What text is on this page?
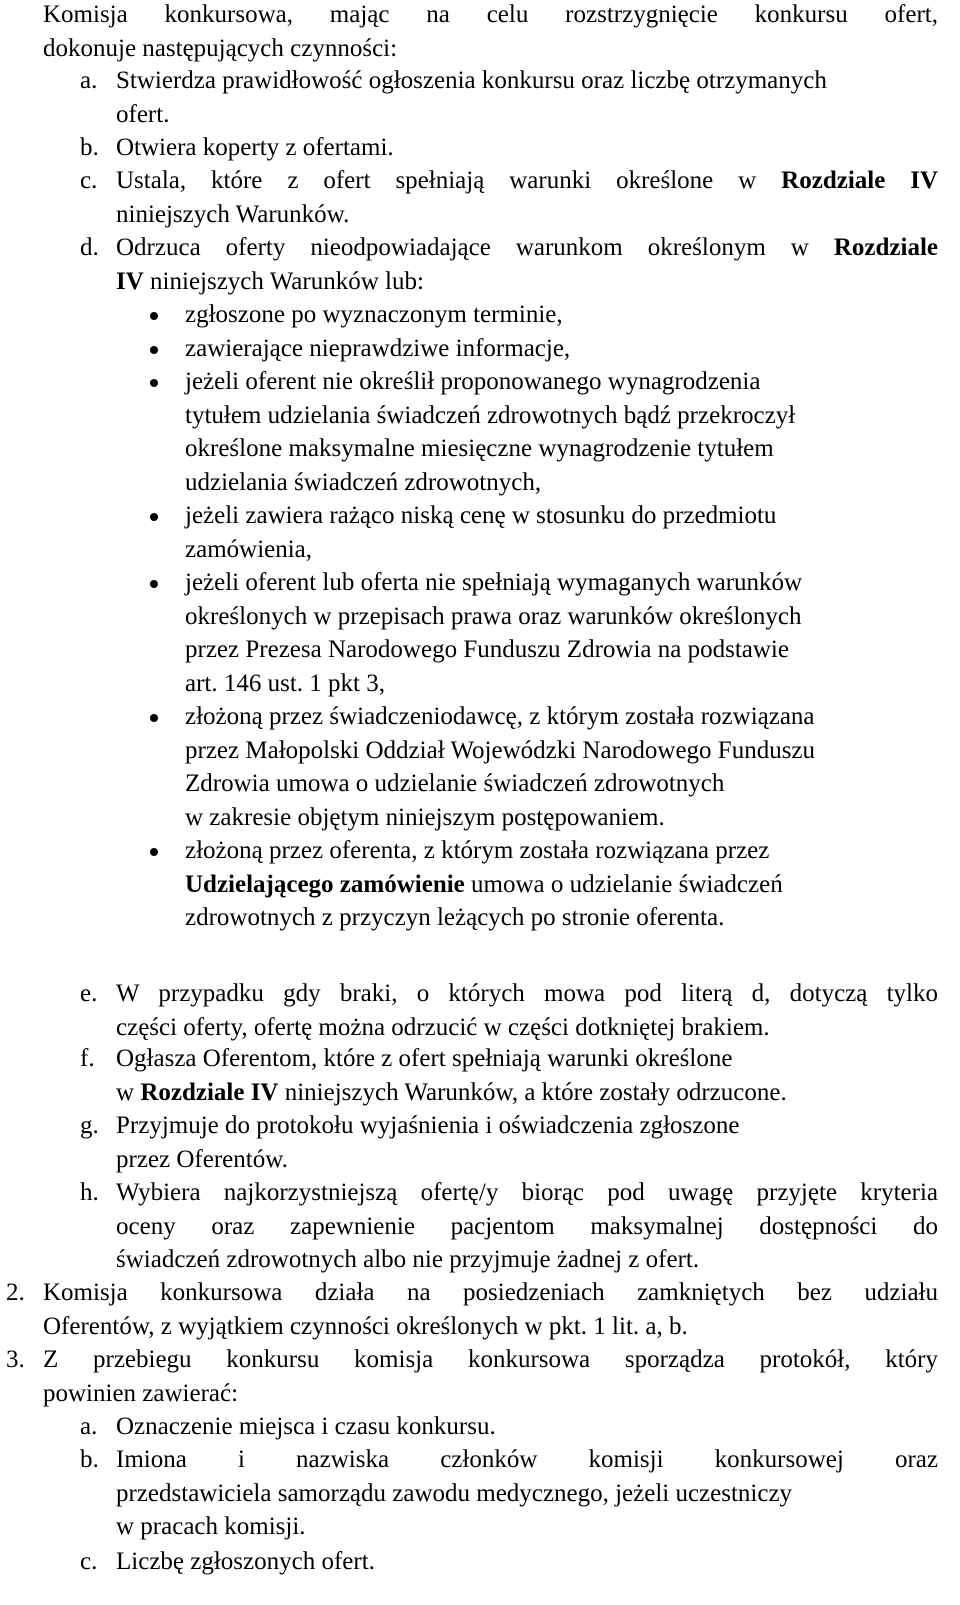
Komisja konkursowa, mając na celu rozstrzygnięcie konkursu ofert,
dokonuje następujących czynności:
a. Stwierdza prawidłowość ogłoszenia konkursu oraz liczbę otrzymanych
ofert.
b. Otwiera koperty z ofertami.
c. Ustala, które z ofert spełniają warunki określone w Rozdziale IV
niniejszych Warunków.
d. Odrzuca oferty nieodpowiadające warunkom określonym w Rozdziale
IV niniejszych Warunków lub:
zgłoszone po wyznaczonym terminie,
zawierające nieprawdziwe informacje,
jeżeli oferent nie określił proponowanego wynagrodzenia
tytułem udzielania świadczeń zdrowotnych bądź przekroczył
określone maksymalne miesięczne wynagrodzenie tytułem
udzielania świadczeń zdrowotnych,
jeżeli zawiera rażąco niską cenę w stosunku do przedmiotu
zamówienia,
jeżeli oferent lub oferta nie spełniają wymaganych warunków
określonych w przepisach prawa oraz warunków określonych
przez Prezesa Narodowego Funduszu Zdrowia na podstawie
art. 146 ust. 1 pkt 3,
złożoną przez świadczeniodawcę, z którym została rozwiązana
przez Małopolski Oddział Wojewódzki Narodowego Funduszu
Zdrowia umowa o udzielanie świadczeń zdrowotnych
w zakresie objętym niniejszym postępowaniem.
złożoną przez oferenta, z którym została rozwiązana przez
Udzielającego zamówienie umowa o udzielanie świadczeń
zdrowotnych z przyczyn leżących po stronie oferenta.
e. W przypadku gdy braki, o których mowa pod literą d, dotyczą tylko
części oferty, ofertę można odrzucić w części dotkniętej brakiem.
f. Ogłasza Oferentom, które z ofert spełniają warunki określone
w Rozdziale IV niniejszych Warunków, a które zostały odrzucone.
g. Przyjmuje do protokołu wyjaśnienia i oświadczenia zgłoszone
przez Oferentów.
h. Wybiera najkorzystniejszą ofertę/y biorąc pod uwagę przyjęte kryteria
oceny oraz zapewnienie pacjentom maksymalnej dostępności do
świadczeń zdrowotnych albo nie przyjmuje żadnej z ofert.
2. Komisja konkursowa działa na posiedzeniach zamkniętych bez udziału
Oferentów, z wyjątkiem czynności określonych w pkt. 1 lit. a, b.
3. Z przebiegu konkursu komisja konkursowa sporządza protokół, który
powinien zawierać:
a. Oznaczenie miejsca i czasu konkursu.
b. Imiona i nazwiska członków komisji konkursowej oraz
przedstawiciela samorządu zawodu medycznego, jeżeli uczestniczy
w pracach komisji.
c. Liczbę zgłoszonych ofert.
